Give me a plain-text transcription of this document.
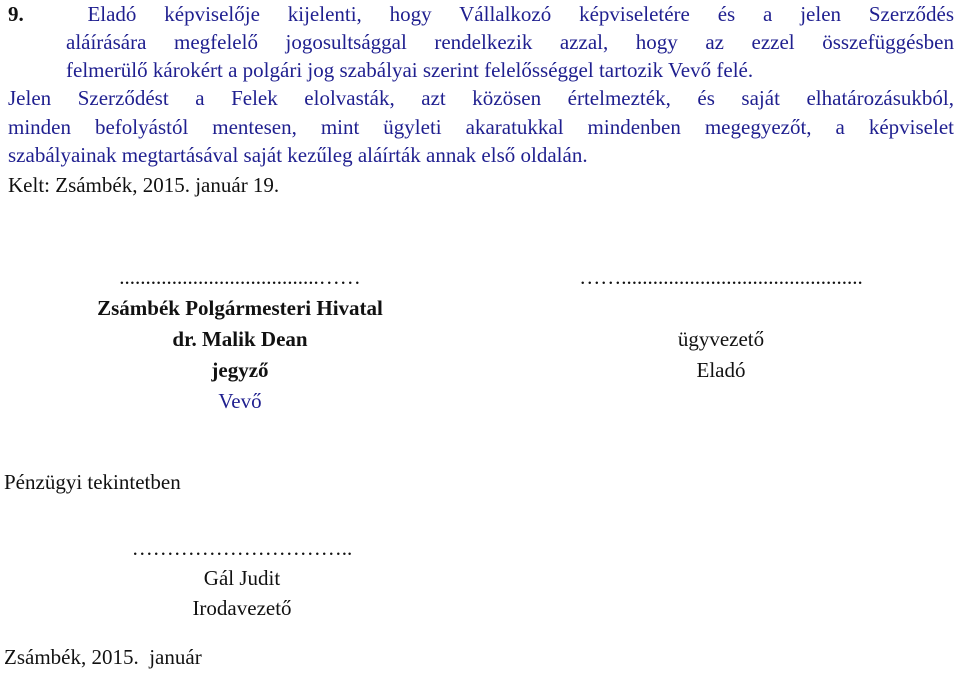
9.	Eladó képviselője kijelenti, hogy Vállalkozó képviseletére és a jelen Szerződés
aláírására megfelelő jogosultsággal rendelkezik azzal, hogy az ezzel összefüggésben
felmerülő károkért a polgári jog szabályai szerint felelősséggel tartozik Vevő felé.
Jelen Szerződést a Felek elolvasták, azt közösen értelmezték, és saját elhatározásukból,
minden befolyástól mentesen, mint ügyleti akaratukkal mindenben megegyezőt, a képviselet
szabályainak megtartásával saját kezűleg aláírták annak első oldalán.
Kelt: Zsámbék, 2015. január 19.
......................................……
Zsámbék Polgármesteri Hivatal
dr. Malik Dean
jegyző
Vevő
……..............................................
ügyvezető
Eladó
Pénzügyi tekintetben
…………………………..
Gál Judit
Irodavezető
Zsámbék, 2015.  január
